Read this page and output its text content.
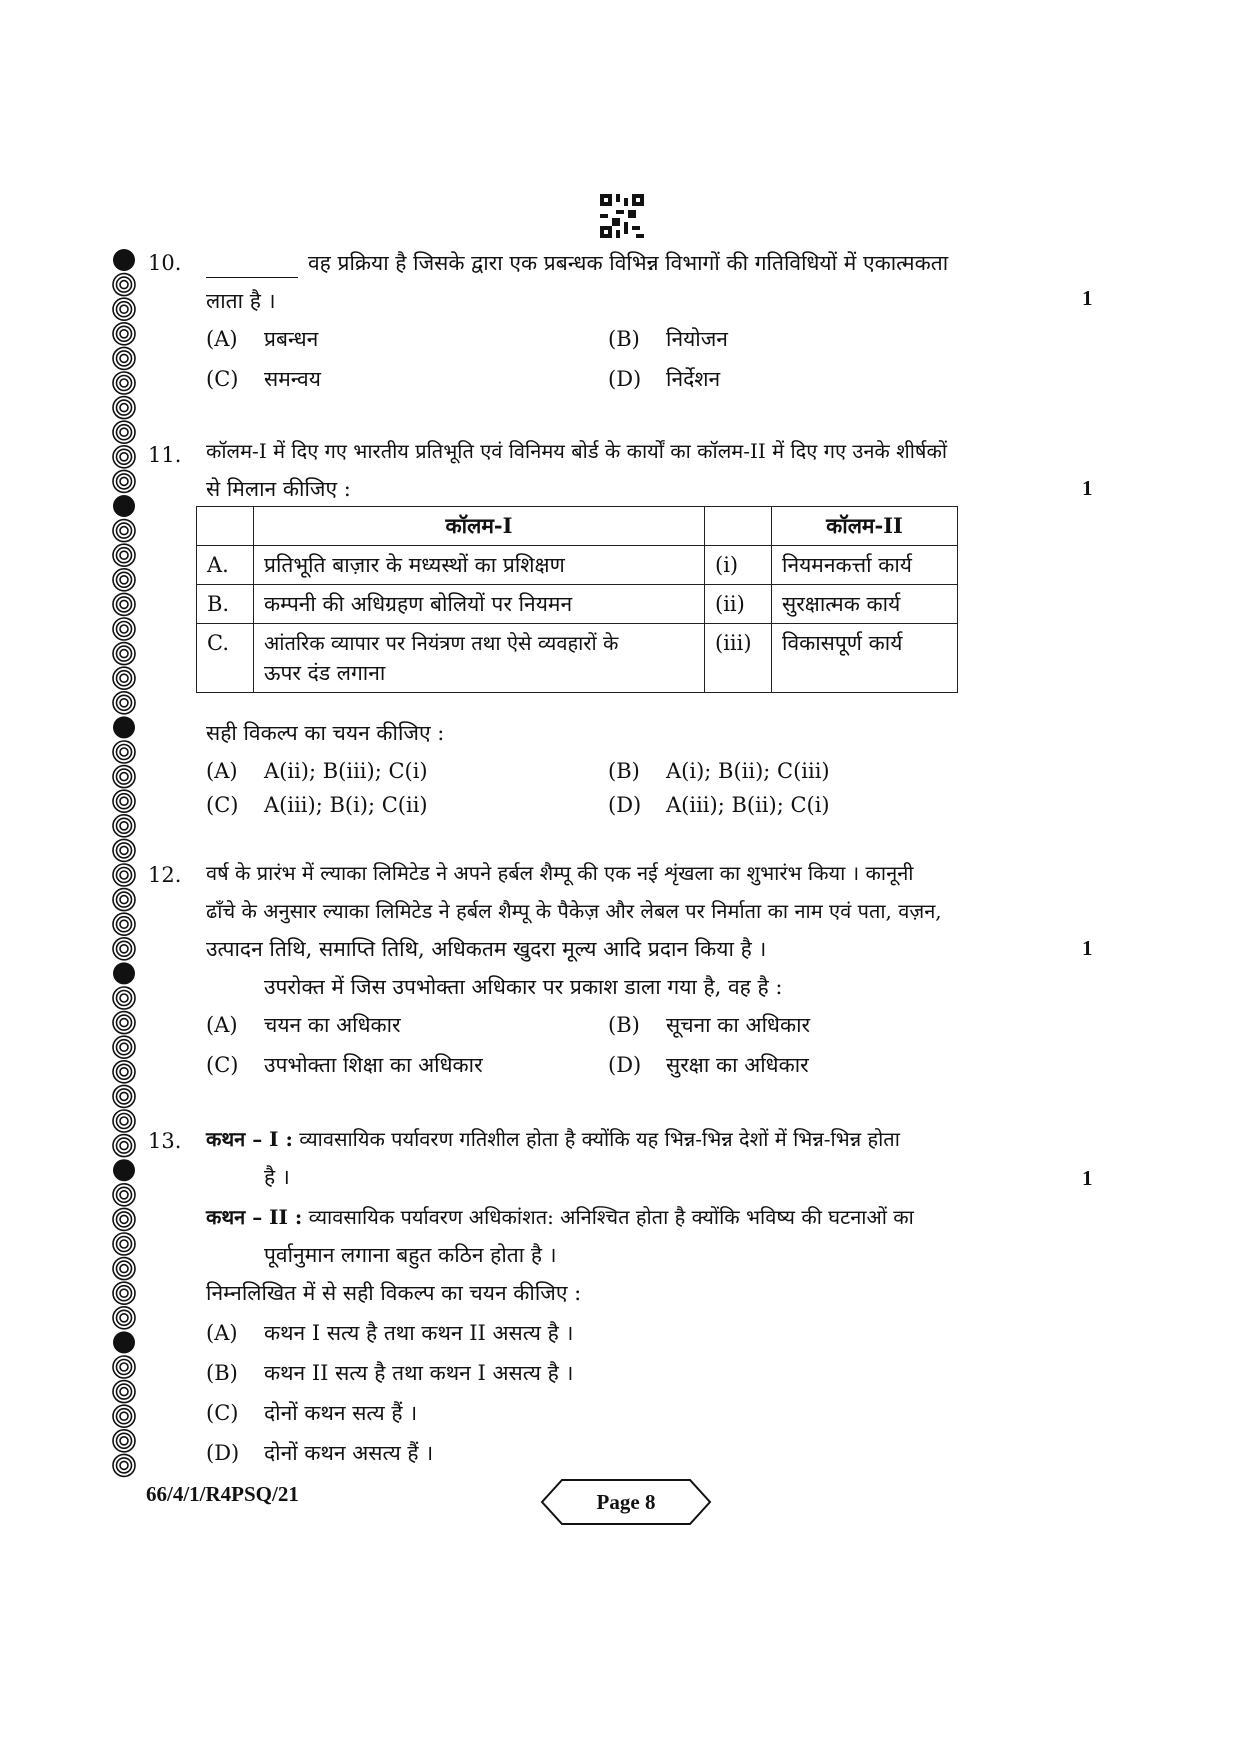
10.	वह प्रक्रिया है जिसके द्वारा एक प्रबन्धक विभिन्न विभागों की गतिविधियों में एकात्मकता
लाता है ।	1
(A) प्रबन्धन	(B) नियोजन
(C) समन्वय	(D) निर्देशन
11. कॉलम-I में दिए गए भारतीय प्रतिभूति एवं विनिमय बोर्ड के कार्यों का कॉलम-II में दिए गए उनके शीर्षकों
से मिलान कीजिए :	1
	कॉलम-I		कॉलम-II
A.	प्रतिभूति बाज़ार के मध्यस्थों का प्रशिक्षण	(i)	नियमनकर्त्ता कार्य
B.	कम्पनी की अधिग्रहण बोलियों पर नियमन	(ii)	सुरक्षात्मक कार्य
C.	आंतरिक व्यापार पर नियंत्रण तथा ऐसे व्यवहारों के
ऊपर दंड लगाना	(iii)	विकासपूर्ण कार्य
सही विकल्प का चयन कीजिए :
(A) A(ii); B(iii); C(i)	(B) A(i); B(ii); C(iii)
(C) A(iii); B(i); C(ii)	(D) A(iii); B(ii); C(i)
12. वर्ष के प्रारंभ में ल्याका लिमिटेड ने अपने हर्बल शैम्पू की एक नई शृंखला का शुभारंभ किया । कानूनी
ढाँचे के अनुसार ल्याका लिमिटेड ने हर्बल शैम्पू के पैकेज़ और लेबल पर निर्माता का नाम एवं पता, वज़न,
उत्पादन तिथि, समाप्ति तिथि, अधिकतम खुदरा मूल्य आदि प्रदान किया है ।	1
उपरोक्त में जिस उपभोक्ता अधिकार पर प्रकाश डाला गया है, वह है :
(A) चयन का अधिकार	(B) सूचना का अधिकार
(C) उपभोक्ता शिक्षा का अधिकार	(D) सुरक्षा का अधिकार
13. कथन – I : व्यावसायिक पर्यावरण गतिशील होता है क्योंकि यह भिन्न-भिन्न देशों में भिन्न-भिन्न होता
है ।	1
कथन – II : व्यावसायिक पर्यावरण अधिकांशत: अनिश्चित होता है क्योंकि भविष्य की घटनाओं का
पूर्वानुमान लगाना बहुत कठिन होता है ।
निम्नलिखित में से सही विकल्प का चयन कीजिए :
(A) कथन I सत्य है तथा कथन II असत्य है ।
(B) कथन II सत्य है तथा कथन I असत्य है ।
(C) दोनों कथन सत्य हैं ।
(D) दोनों कथन असत्य हैं ।
66/4/1/R4PSQ/21	Page 8
